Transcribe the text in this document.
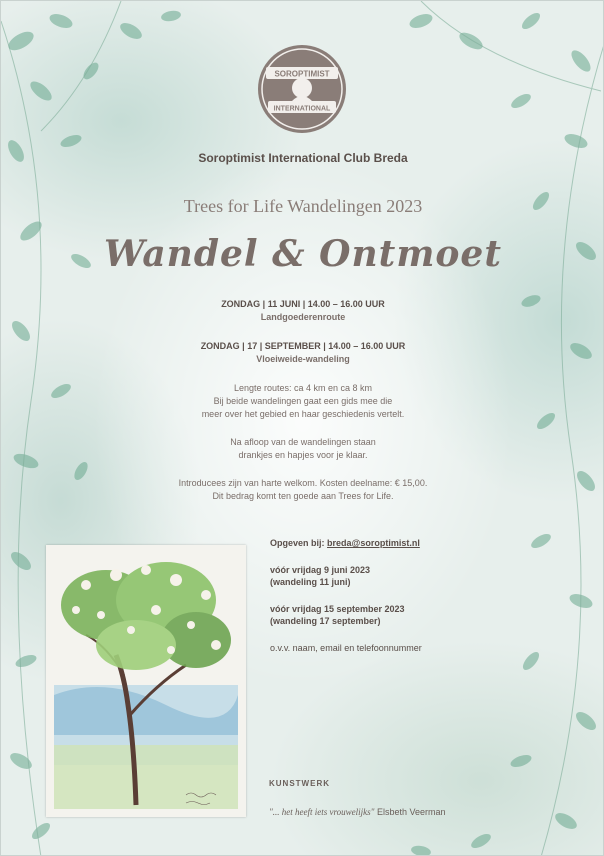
SOROPTIMIST
INTERNATIONAL
Soroptimist International Club Breda
Trees for Life Wandelingen 2023
Wandel & Ontmoet
ZONDAG | 11 JUNI | 14.00 – 16.00 UUR
Landgoederenroute
ZONDAG | 17 | SEPTEMBER | 14.00 – 16.00 UUR
Vloeiweide-wandeling
Lengte routes: ca 4 km en ca 8 km
Bij beide wandelingen gaat een gids mee die
meer over het gebied en haar geschiedenis vertelt.
Na afloop van de wandelingen staan
drankjes en hapjes voor je klaar.
Introducees zijn van harte welkom. Kosten deelname: € 15,00.
Dit bedrag komt ten goede aan Trees for Life.
Opgeven bij: breda@soroptimist.nl
vóór vrijdag 9 juni 2023
(wandeling 11 juni)
vóór vrijdag 15 september 2023
(wandeling 17 september)
o.v.v. naam, email en telefoonnummer
KUNSTWERK
"... het heeft iets vrouwelijks" Elsbeth Veerman
